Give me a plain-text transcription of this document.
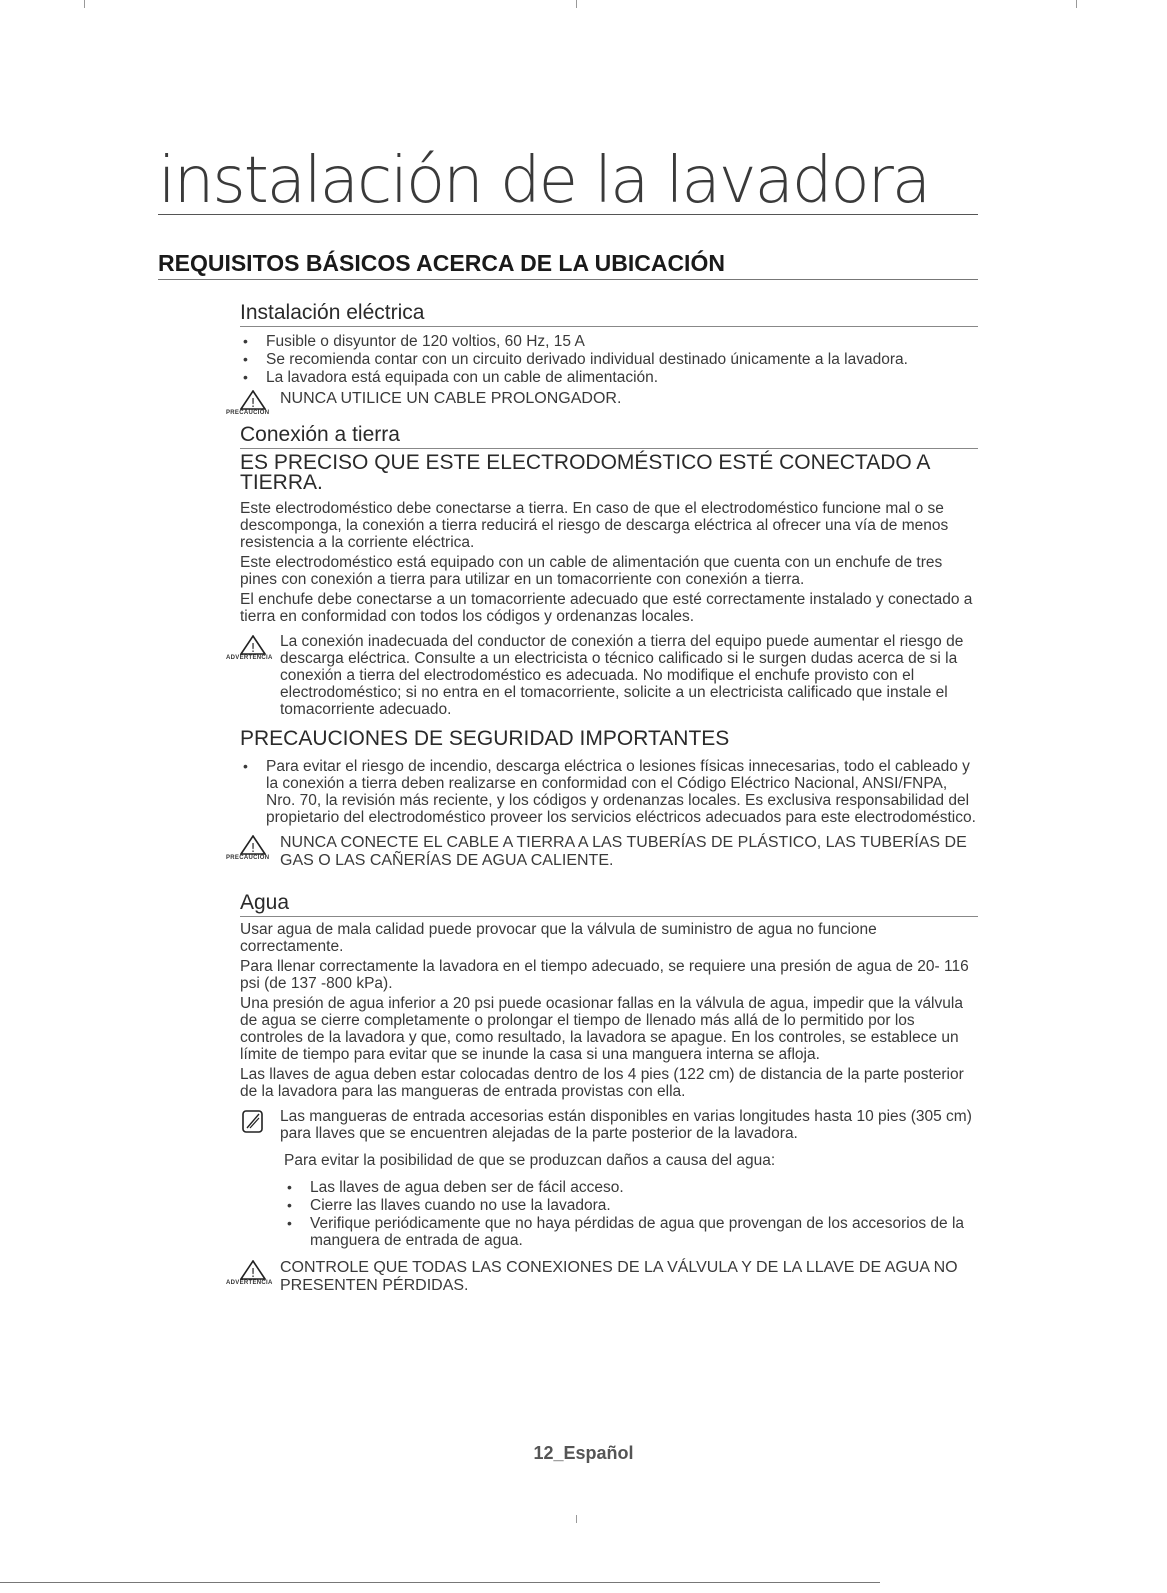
instalación de la lavadora
REQUISITOS BÁSICOS ACERCA DE LA UBICACIÓN
Instalación eléctrica
• Fusible o disyuntor de 120 voltios, 60 Hz, 15 A
• Se recomienda contar con un circuito derivado individual destinado únicamente a la lavadora.
• La lavadora está equipada con un cable de alimentación.
!
PRECAUCIÓN
NUNCA UTILICE UN CABLE PROLONGADOR.
Conexión a tierra
ES PRECISO QUE ESTE ELECTRODOMÉSTICO ESTÉ CONECTADO A TIERRA.

Este electrodoméstico debe conectarse a tierra. En caso de que el electrodoméstico funcione mal o se descomponga, la conexión a tierra reducirá el riesgo de descarga eléctrica al ofrecer una vía de menos resistencia a la corriente eléctrica.

Este electrodoméstico está equipado con un cable de alimentación que cuenta con un enchufe de tres pines con conexión a tierra para utilizar en un tomacorriente con conexión a tierra.

El enchufe debe conectarse a un tomacorriente adecuado que esté correctamente instalado y conectado a tierra en conformidad con todos los códigos y ordenanzas locales.

!
ADVERTENCIA

La conexión inadecuada del conductor de conexión a tierra del equipo puede aumentar el riesgo de descarga eléctrica. Consulte a un electricista o técnico calificado si le surgen dudas acerca de si la conexión a tierra del electrodoméstico es adecuada. No modifique el enchufe provisto con el electrodoméstico; si no entra en el tomacorriente, solicite a un electricista calificado que instale el tomacorriente adecuado.

PRECAUCIONES DE SEGURIDAD IMPORTANTES
• Para evitar el riesgo de incendio, descarga eléctrica o lesiones físicas innecesarias, todo el cableado y la conexión a tierra deben realizarse en conformidad con el Código Eléctrico Nacional, ANSI/FNPA, Nro. 70, la revisión más reciente, y los códigos y ordenanzas locales. Es exclusiva responsabilidad del propietario del electrodoméstico proveer los servicios eléctricos adecuados para este electrodoméstico.
!
PRECAUCIÓN
NUNCA CONECTE EL CABLE A TIERRA A LAS TUBERÍAS DE PLÁSTICO, LAS TUBERÍAS DE GAS O LAS CAÑERÍAS DE AGUA CALIENTE.
Agua

Usar agua de mala calidad puede provocar que la válvula de suministro de agua no funcione correctamente.

Para llenar correctamente la lavadora en el tiempo adecuado, se requiere una presión de agua de 20- 116 psi (de 137 -800 kPa).

Una presión de agua inferior a 20 psi puede ocasionar fallas en la válvula de agua, impedir que la válvula de agua se cierre completamente o prolongar el tiempo de llenado más allá de lo permitido por los controles de la lavadora y que, como resultado, la lavadora se apague. En los controles, se establece un límite de tiempo para evitar que se inunde la casa si una manguera interna se afloja.

Las llaves de agua deben estar colocadas dentro de los 4 pies (122 cm) de distancia de la parte posterior de la lavadora para las mangueras de entrada provistas con ella.

Las mangueras de entrada accesorias están disponibles en varias longitudes hasta 10 pies (305 cm) para llaves que se encuentren alejadas de la parte posterior de la lavadora.

Para evitar la posibilidad de que se produzcan daños a causa del agua:

• Las llaves de agua deben ser de fácil acceso.
• Cierre las llaves cuando no use la lavadora.
• Verifique periódicamente que no haya pérdidas de agua que provengan de los accesorios de la manguera de entrada de agua.
!
ADVERTENCIA
CONTROLE QUE TODAS LAS CONEXIONES DE LA VÁLVULA Y DE LA LLAVE DE AGUA NO PRESENTEN PÉRDIDAS.
12_Español
